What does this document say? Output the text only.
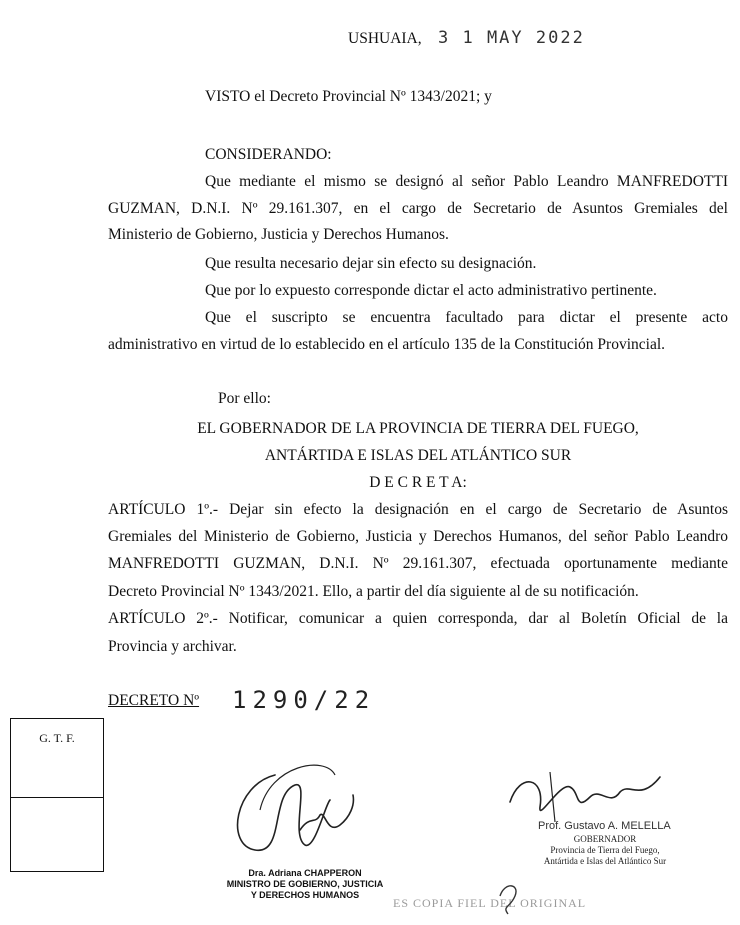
USHUAIA, 3 1 MAY 2022
VISTO el Decreto Provincial Nº 1343/2021; y
CONSIDERANDO:
Que mediante el mismo se designó al señor Pablo Leandro MANFREDOTTI
GUZMAN, D.N.I. Nº 29.161.307, en el cargo de Secretario de Asuntos Gremiales del
Ministerio de Gobierno, Justicia y Derechos Humanos.
Que resulta necesario dejar sin efecto su designación.
Que por lo expuesto corresponde dictar el acto administrativo pertinente.
Que el suscripto se encuentra facultado para dictar el presente acto
administrativo en virtud de lo establecido en el artículo 135 de la Constitución Provincial.
Por ello:
EL GOBERNADOR DE LA PROVINCIA DE TIERRA DEL FUEGO,
ANTÁRTIDA E ISLAS DEL ATLÁNTICO SUR
D E C R E T A:
ARTÍCULO 1º.- Dejar sin efecto la designación en el cargo de Secretario de Asuntos
Gremiales del Ministerio de Gobierno, Justicia y Derechos Humanos, del señor Pablo Leandro
MANFREDOTTI GUZMAN, D.N.I. Nº 29.161.307, efectuada oportunamente mediante
Decreto Provincial Nº 1343/2021. Ello, a partir del día siguiente al de su notificación.
ARTÍCULO 2º.- Notificar, comunicar a quien corresponda, dar al Boletín Oficial de la
Provincia y archivar.
DECRETO Nº 1290/22
G. T. F.
Dra. Adriana CHAPPERON
MINISTRO DE GOBIERNO, JUSTICIA
Y DERECHOS HUMANOS
Prof. Gustavo A. MELELLA
GOBERNADOR
Provincia de Tierra del Fuego,
Antártida e Islas del Atlántico Sur
ES COPIA FIEL DEL ORIGINAL
